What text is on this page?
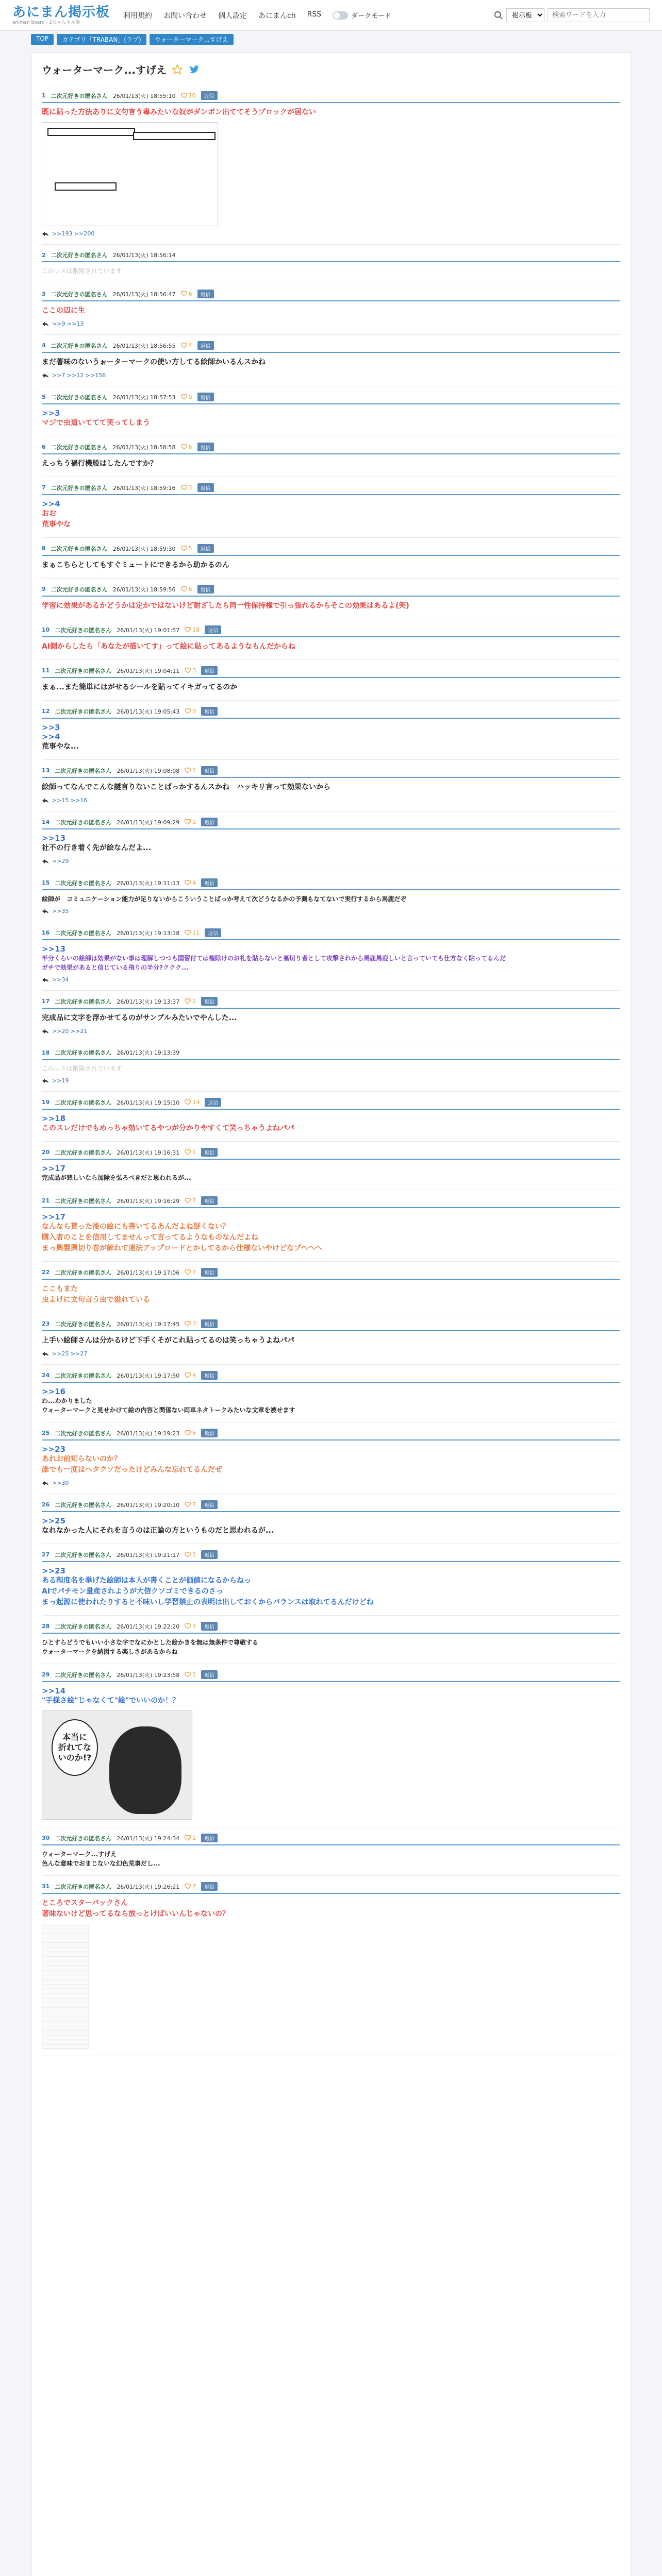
あにまん掲示板
animan board - 2ちゃんネル版
利用規約 お問い合わせ 個人設定 あにまんch RSS	ダークモード
掲示板
検索ワードを入力
TOP	カテゴリ「TRABAN」(ラブ)	ウォーターマーク...すげえ
ウォーターマーク...すげえ
1 二次元好きの匿名さん 26/01/13(火) 18:55:10 10	返信
既に貼った方法ありに文句言う毒みたいな奴がダンボン出ててそうブロックが居ない
>>193 >>200
2 二次元好きの匿名さん 26/01/13(火) 18:56:14
このレスは削除されています
3 二次元好きの匿名さん 26/01/13(火) 18:56:47 6	返信
ここの辺に生
>>9 >>13
4 二次元好きの匿名さん 26/01/13(火) 18:56:55 4	返信
まだ著味のないうぉーターマークの使い方してる絵師かいるんスかね
>>7 >>12 >>156
5 二次元好きの匿名さん 26/01/13(火) 18:57:53 9	返信
>>3
マジで虫道いててて笑ってしまう
6 二次元好きの匿名さん 26/01/13(火) 18:58:58 6	返信
えっちう禍行機般はしたんですか？
7 二次元好きの匿名さん 26/01/13(火) 18:59:16 3	返信
>>4
おお
荒事やな
8 二次元好きの匿名さん 26/01/13(火) 18:59:30 5	返信
まぁこちらとしてもすぐミュートにできるから助かるのん
9 二次元好きの匿名さん 26/01/13(火) 18:59:56 6	返信
学習に効果があるかどうかは定かではないけど耐ざしたら同一性保持権で引っ張れるからそこの効果はあるよ(笑)
10 二次元好きの匿名さん 26/01/13(火) 19:01:57 18	返信
AI側からしたら「あなたが描いてす」って絵に貼ってあるようなもんだからね
11 二次元好きの匿名さん 26/01/13(火) 19:04:11 3	返信
まぁ...また簡単にはがせるシールを貼ってイキガってるのか
12 二次元好きの匿名さん 26/01/13(火) 19:05:43 3	返信
>>3
>>4
荒事やな...
13 二次元好きの匿名さん 26/01/13(火) 19:08:08 1	返信
絵師ってなんでこんな謎言りないことばっかするんスかね　ハッキリ言って効果ないから
>>15 >>16
14 二次元好きの匿名さん 26/01/13(火) 19:09:29 1	返信
>>13
社不の行き着く先が絵なんだよ...
>>29
15 二次元好きの匿名さん 26/01/13(火) 19:11:13 4	返信
絵師が　コミュニケーション能力が足りないからこういうことばっか考えて次どうなるかの予測もなてないで実行するから馬鹿だぞ
>>35
16 二次元好きの匿名さん 26/01/13(火) 19:13:18 11	返信
>>13
半分くらいの絵師は効果がない事は理解しつつも国習付ては権除けのお札を貼らないと裏切り者として攻撃されから馬鹿馬鹿しいと言っていても仕方なく貼ってるんだ
ガチで効果があると信じている飛りの半分?ククク...
>>34
17 二次元好きの匿名さん 26/01/13(火) 19:13:37 2	返信
完成品に文字を浮かせてるのがサンプルみたいでやんした...
>>20 >>21
18 二次元好きの匿名さん 26/01/13(火) 19:13:39
このレスは削除されています
>>19
19 二次元好きの匿名さん 26/01/13(火) 19:15:10 14	返信
>>18
このスレだけでもめっちゃ効いてるやつが分かりやすくて笑っちゃうよねパパ
20 二次元好きの匿名さん 26/01/13(火) 19:16:31 1	返信
>>17
完成品が悲しいなら加除を弘ろべきだと思われるが...
21 二次元好きの匿名さん 26/01/13(火) 19:16:29 7	返信
>>17
なんなら貰った後の絵にも書いてるあんだよね疑くない？
購入者のことを信用してませんって言ってるようなものなんだよね
まっ興製興切り巻が解れて違法アップロードとかしてるから仕様ないやけどなブヘヘヘ
22 二次元好きの匿名さん 26/01/13(火) 19:17:06 7	返信
ここもまた
虫よけに文句言う虫で溢れている
23 二次元好きの匿名さん 26/01/13(火) 19:17:45 7	返信
上手い絵師さんは分かるけど下手くそがこれ貼ってるのは笑っちゃうよねパパ
>>25 >>27
24 二次元好きの匿名さん 26/01/13(火) 19:17:50 4	返信
>>16
わ...わかりました
ウォーターマークと見せかけて絵の内容と関係ない両車ネタトークみたいな文章を被せます
25 二次元好きの匿名さん 26/01/13(火) 19:19:23 6	返信
>>23
あれお前知らないのか？
誰でも一度はヘタクソだったけどみんな忘れてるんだぜ
>>30
26 二次元好きの匿名さん 26/01/13(火) 19:20:10 7	返信
>>25
なれなかった人にそれを言うのは正論の方というものだと思われるが...
27 二次元好きの匿名さん 26/01/13(火) 19:21:17 1	返信
>>23
ある程度名を挙げた絵師は本人が書くことが価値になるからねっ
AIでパチモン量産されようが大信クソゴミできるのさっ
まっ起源に使われたりすると不味いし学習禁止の表明は出しておくからバランスは取れてるんだけどね
28 二次元好きの匿名さん 26/01/13(火) 19:22:20 3	返信
ひとすらどうでもいい小さな字でなにかとした絵かきを無は無条件で尊敬する
ウォーターマークを納図する楽しさがあるからね
29 二次元好きの匿名さん 26/01/13(火) 19:23:58 1	返信
>>14
"手様さ絵"じゃなくて"絵"でいいのか！？
本当に
折れてないのか!?
30 二次元好きの匿名さん 26/01/13(火) 19:24:34 1	返信
ウォーターマーク...すげえ
色んな意味でおまじないな幻色荒事だし...
31 二次元好きの匿名さん 26/01/13(火) 19:26:21 7	返信
ところでスターバックさん
著味ないけど思ってるなら放っとけばいいんじゃないの？
